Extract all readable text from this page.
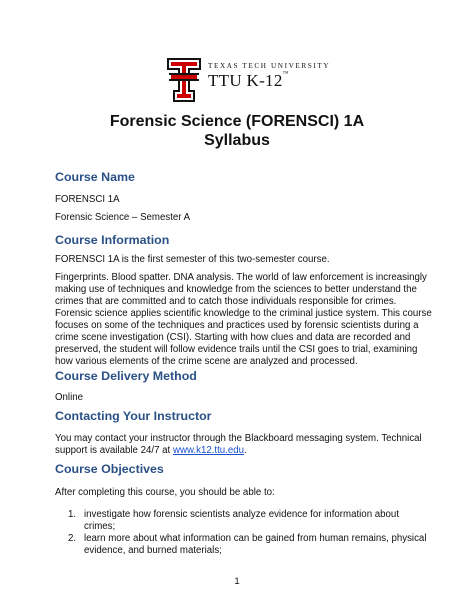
TEXAS TECH UNIVERSITY
TTU K-12™
Forensic Science (FORENSCI) 1A
Syllabus
Course Name
FORENSCI 1A
Forensic Science – Semester A
Course Information
FORENSCI 1A is the first semester of this two-semester course.
Fingerprints. Blood spatter. DNA analysis. The world of law enforcement is increasingly
making use of techniques and knowledge from the sciences to better understand the
crimes that are committed and to catch those individuals responsible for crimes.
Forensic science applies scientific knowledge to the criminal justice system. This course
focuses on some of the techniques and practices used by forensic scientists during a
crime scene investigation (CSI). Starting with how clues and data are recorded and
preserved, the student will follow evidence trails until the CSI goes to trial, examining
how various elements of the crime scene are analyzed and processed.
Course Delivery Method
Online
Contacting Your Instructor
You may contact your instructor through the Blackboard messaging system. Technical
support is available 24/7 at www.k12.ttu.edu.
Course Objectives
After completing this course, you should be able to:
1. investigate how forensic scientists analyze evidence for information about
crimes;
2. learn more about what information can be gained from human remains, physical
evidence, and burned materials;
1
